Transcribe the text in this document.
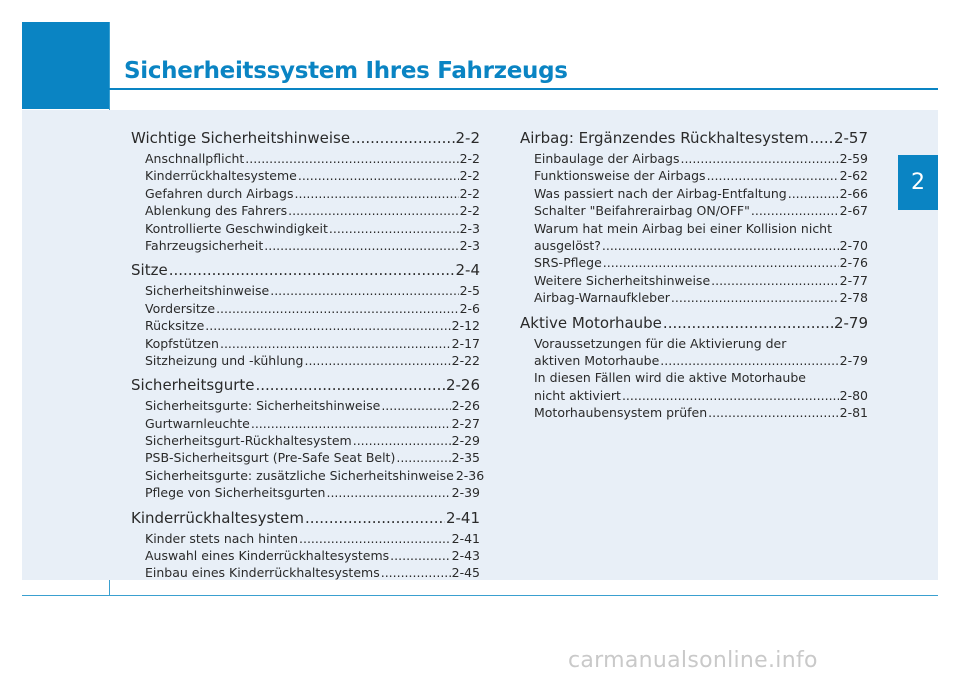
Sicherheitssystem Ihres Fahrzeugs
Wichtige Sicherheitshinweise .....	2-2
Anschnallpflicht .....	2-2
Kinderrückhaltesysteme .....	2-2
Gefahren durch Airbags .....	2-2
Ablenkung des Fahrers .....	2-2
Kontrollierte Geschwindigkeit .....	2-3
Fahrzeugsicherheit .....	2-3
Sitze .....	2-4
Sicherheitshinweise .....	2-5
Vordersitze .....	2-6
Rücksitze .....	2-12
Kopfstützen .....	2-17
Sitzheizung und -kühlung .....	2-22
Sicherheitsgurte .....	2-26
Sicherheitsgurte: Sicherheitshinweise .....	2-26
Gurtwarnleuchte .....	2-27
Sicherheitsgurt-Rückhaltesystem .....	2-29
PSB-Sicherheitsgurt (Pre-Safe Seat Belt) .....	2-35
Sicherheitsgurte: zusätzliche Sicherheitshinweise 2-36
Pflege von Sicherheitsgurten .....	2-39
Kinderrückhaltesystem .....	2-41
Kinder stets nach hinten .....	2-41
Auswahl eines Kinderrückhaltesystems .....	2-43
Einbau eines Kinderrückhaltesystems .....	2-45
Airbag: Ergänzendes Rückhaltesystem ..... 2-57
Einbaulage der Airbags .....	2-59
Funktionsweise der Airbags .....	2-62
Was passiert nach der Airbag-Entfaltung .....	2-66
Schalter "Beifahrerairbag ON/OFF" .....	2-67
Warum hat mein Airbag bei einer Kollision nicht
ausgelöst? .....	2-70
SRS-Pflege .....	2-76
Weitere Sicherheitshinweise .....	2-77
Airbag-Warnaufkleber .....	2-78
Aktive Motorhaube .....	2-79
Voraussetzungen für die Aktivierung der
aktiven Motorhaube .....	2-79
In diesen Fällen wird die aktive Motorhaube
nicht aktiviert .....	2-80
Motorhaubensystem prüfen .....	2-81
2
carmanualsonline.info
